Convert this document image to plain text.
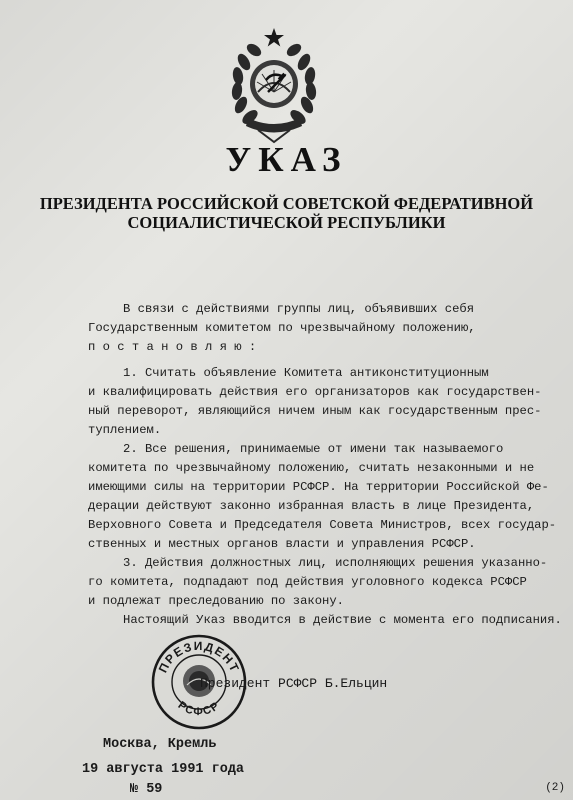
УКАЗ
ПРЕЗИДЕНТА РОССИЙСКОЙ СОВЕТСКОЙ ФЕДЕРАТИВНОЙ
СОЦИАЛИСТИЧЕСКОЙ РЕСПУБЛИКИ
В связи с действиями группы лиц, объявивших себя
Государственным комитетом по чрезвычайному положению,
п о с т а н о в л я ю :
1. Считать объявление Комитета антиконституционным
и квалифицировать действия его организаторов как государствен-
ный переворот, являющийся ничем иным как государственным прес-
туплением.
2. Все решения, принимаемые от имени так называемого
комитета по чрезвычайному положению, считать незаконными и не
имеющими силы на территории РСФСР. На территории Российской Фе-
дерации действуют законно избранная власть в лице Президента,
Верховного Совета и Председателя Совета Министров, всех государ-
ственных и местных органов власти и управления РСФСР.
3. Действия должностных лиц, исполняющих решения указанно-
го комитета, подпадают под действия уголовного кодекса РСФСР
и подлежат преследованию по закону.
Настоящий Указ вводится в действие с момента его подписания.
ПРЕЗИДЕНТ
РСФСР
Президент РСФСР Б.Ельцин
Москва, Кремль
19 августа 1991 года
№ 59	(2)
